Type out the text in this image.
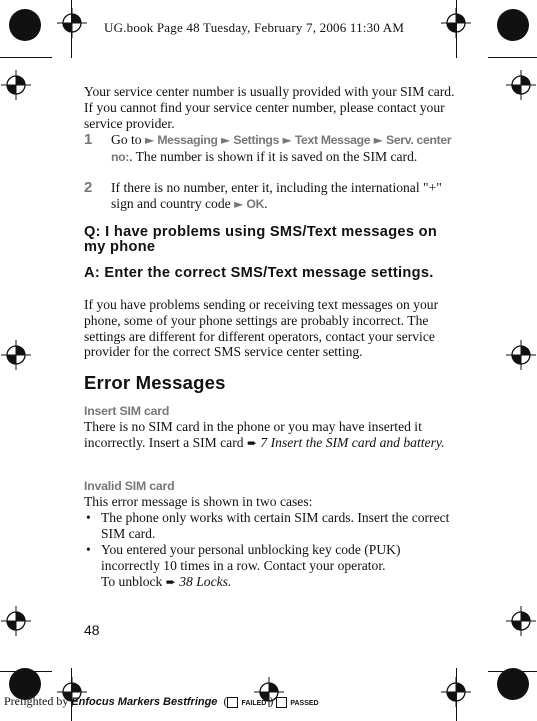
UG.book Page 48 Tuesday, February 7, 2006 11:30 AM
Your service center number is usually provided with your SIM card. If you cannot find your service center number, please contact your service provider.
1 Go to ► Messaging ► Settings ► Text Message ► Serv. center no:. The number is shown if it is saved on the SIM card.
2 If there is no number, enter it, including the international "+" sign and country code ► OK.
Q: I have problems using SMS/Text messages on my phone
A: Enter the correct SMS/Text message settings.
If you have problems sending or receiving text messages on your phone, some of your phone settings are probably incorrect. The settings are different for different operators, contact your service provider for the correct SMS service center setting.
Error Messages
Insert SIM card
There is no SIM card in the phone or you may have inserted it incorrectly. Insert a SIM card ➨ 7 Insert the SIM card and battery.
Invalid SIM card
This error message is shown in two cases:
• The phone only works with certain SIM cards. Insert the correct SIM card.
• You entered your personal unblocking key code (PUK) incorrectly 10 times in a row. Contact your operator.
To unblock ➨ 38 Locks.
48
Prelighted by Enfocus Markers Bestfringe ( FAILED ) PASSED
